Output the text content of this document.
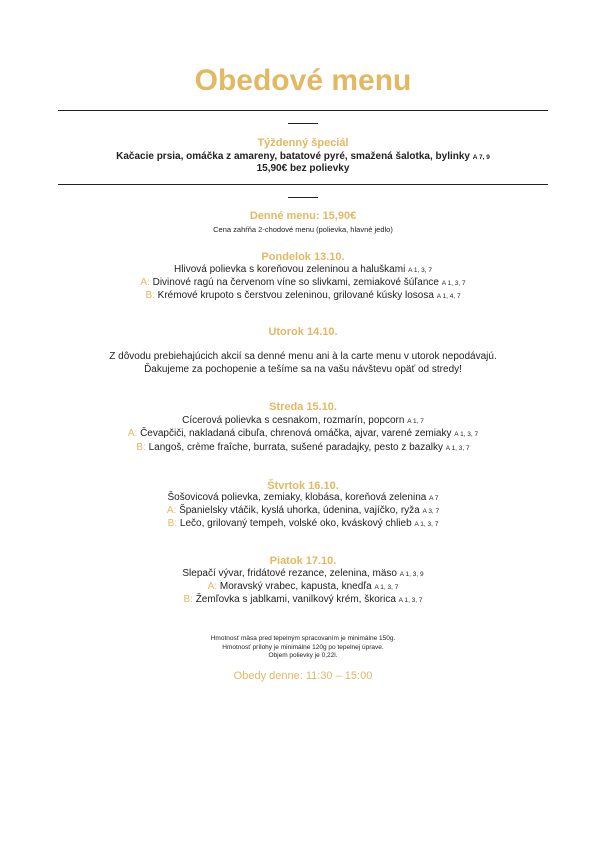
Obedové menu
Týždenný špeciál
Kačacie prsia, omáčka z amareny, batatové pyré, smažená šalotka, bylinky A 7, 9
15,90€ bez polievky
Denné menu: 15,90€
Cena zahŕňa 2-chodové menu (polievka, hlavné jedlo)
Pondelok 13.10.
Hlivová polievka s koreňovou zeleninou a haluškami A 1, 3, 7
A: Divinové ragú na červenom víne so slivkami, zemiakové šúľance A 1, 3, 7
B: Krémové krupoto s čerstvou zeleninou, grilované kúsky lososa A 1, 4, 7
Utorok 14.10.
Z dôvodu prebiehajúcich akcií sa denné menu ani à la carte menu v utorok nepodávajú.
Ďakujeme za pochopenie a tešíme sa na vašu návštevu opäť od stredy!
Streda 15.10.
Cícerová polievka s cesnakom, rozmarín, popcorn A 1, 7
A: Čevapčiči, nakladaná cibuľa, chrenová omáčka, ajvar, varené zemiaky A 1, 3, 7
B: Langoš, crème fraîche, burrata, sušené paradajky, pesto z bazalky A 1, 3, 7
Štvrtok 16.10.
Šošovicová polievka, zemiaky, klobása, koreňová zelenina A 7
A: Španielsky vtáčik, kyslá uhorka, údenina, vajíčko, ryža A 3, 7
B: Lečo, grilovaný tempeh, volské oko, kváskový chlieb A 1, 3, 7
Piatok 17.10.
Slepačí vývar, fridátové rezance, zelenina, mäso A 1, 3, 9
A: Moravský vrabec, kapusta, knedľa A 1, 3, 7
B: Žemľovka s jablkami, vanilkový krém, škorica A 1, 3, 7
Hmotnosť mäsa pred tepelným spracovaním je minimálne 150g.
Hmotnosť prílohy je minimálne 120g po tepelnej úprave.
Objem polievky je 0,22l.
Obedy denne: 11:30 – 15:00
